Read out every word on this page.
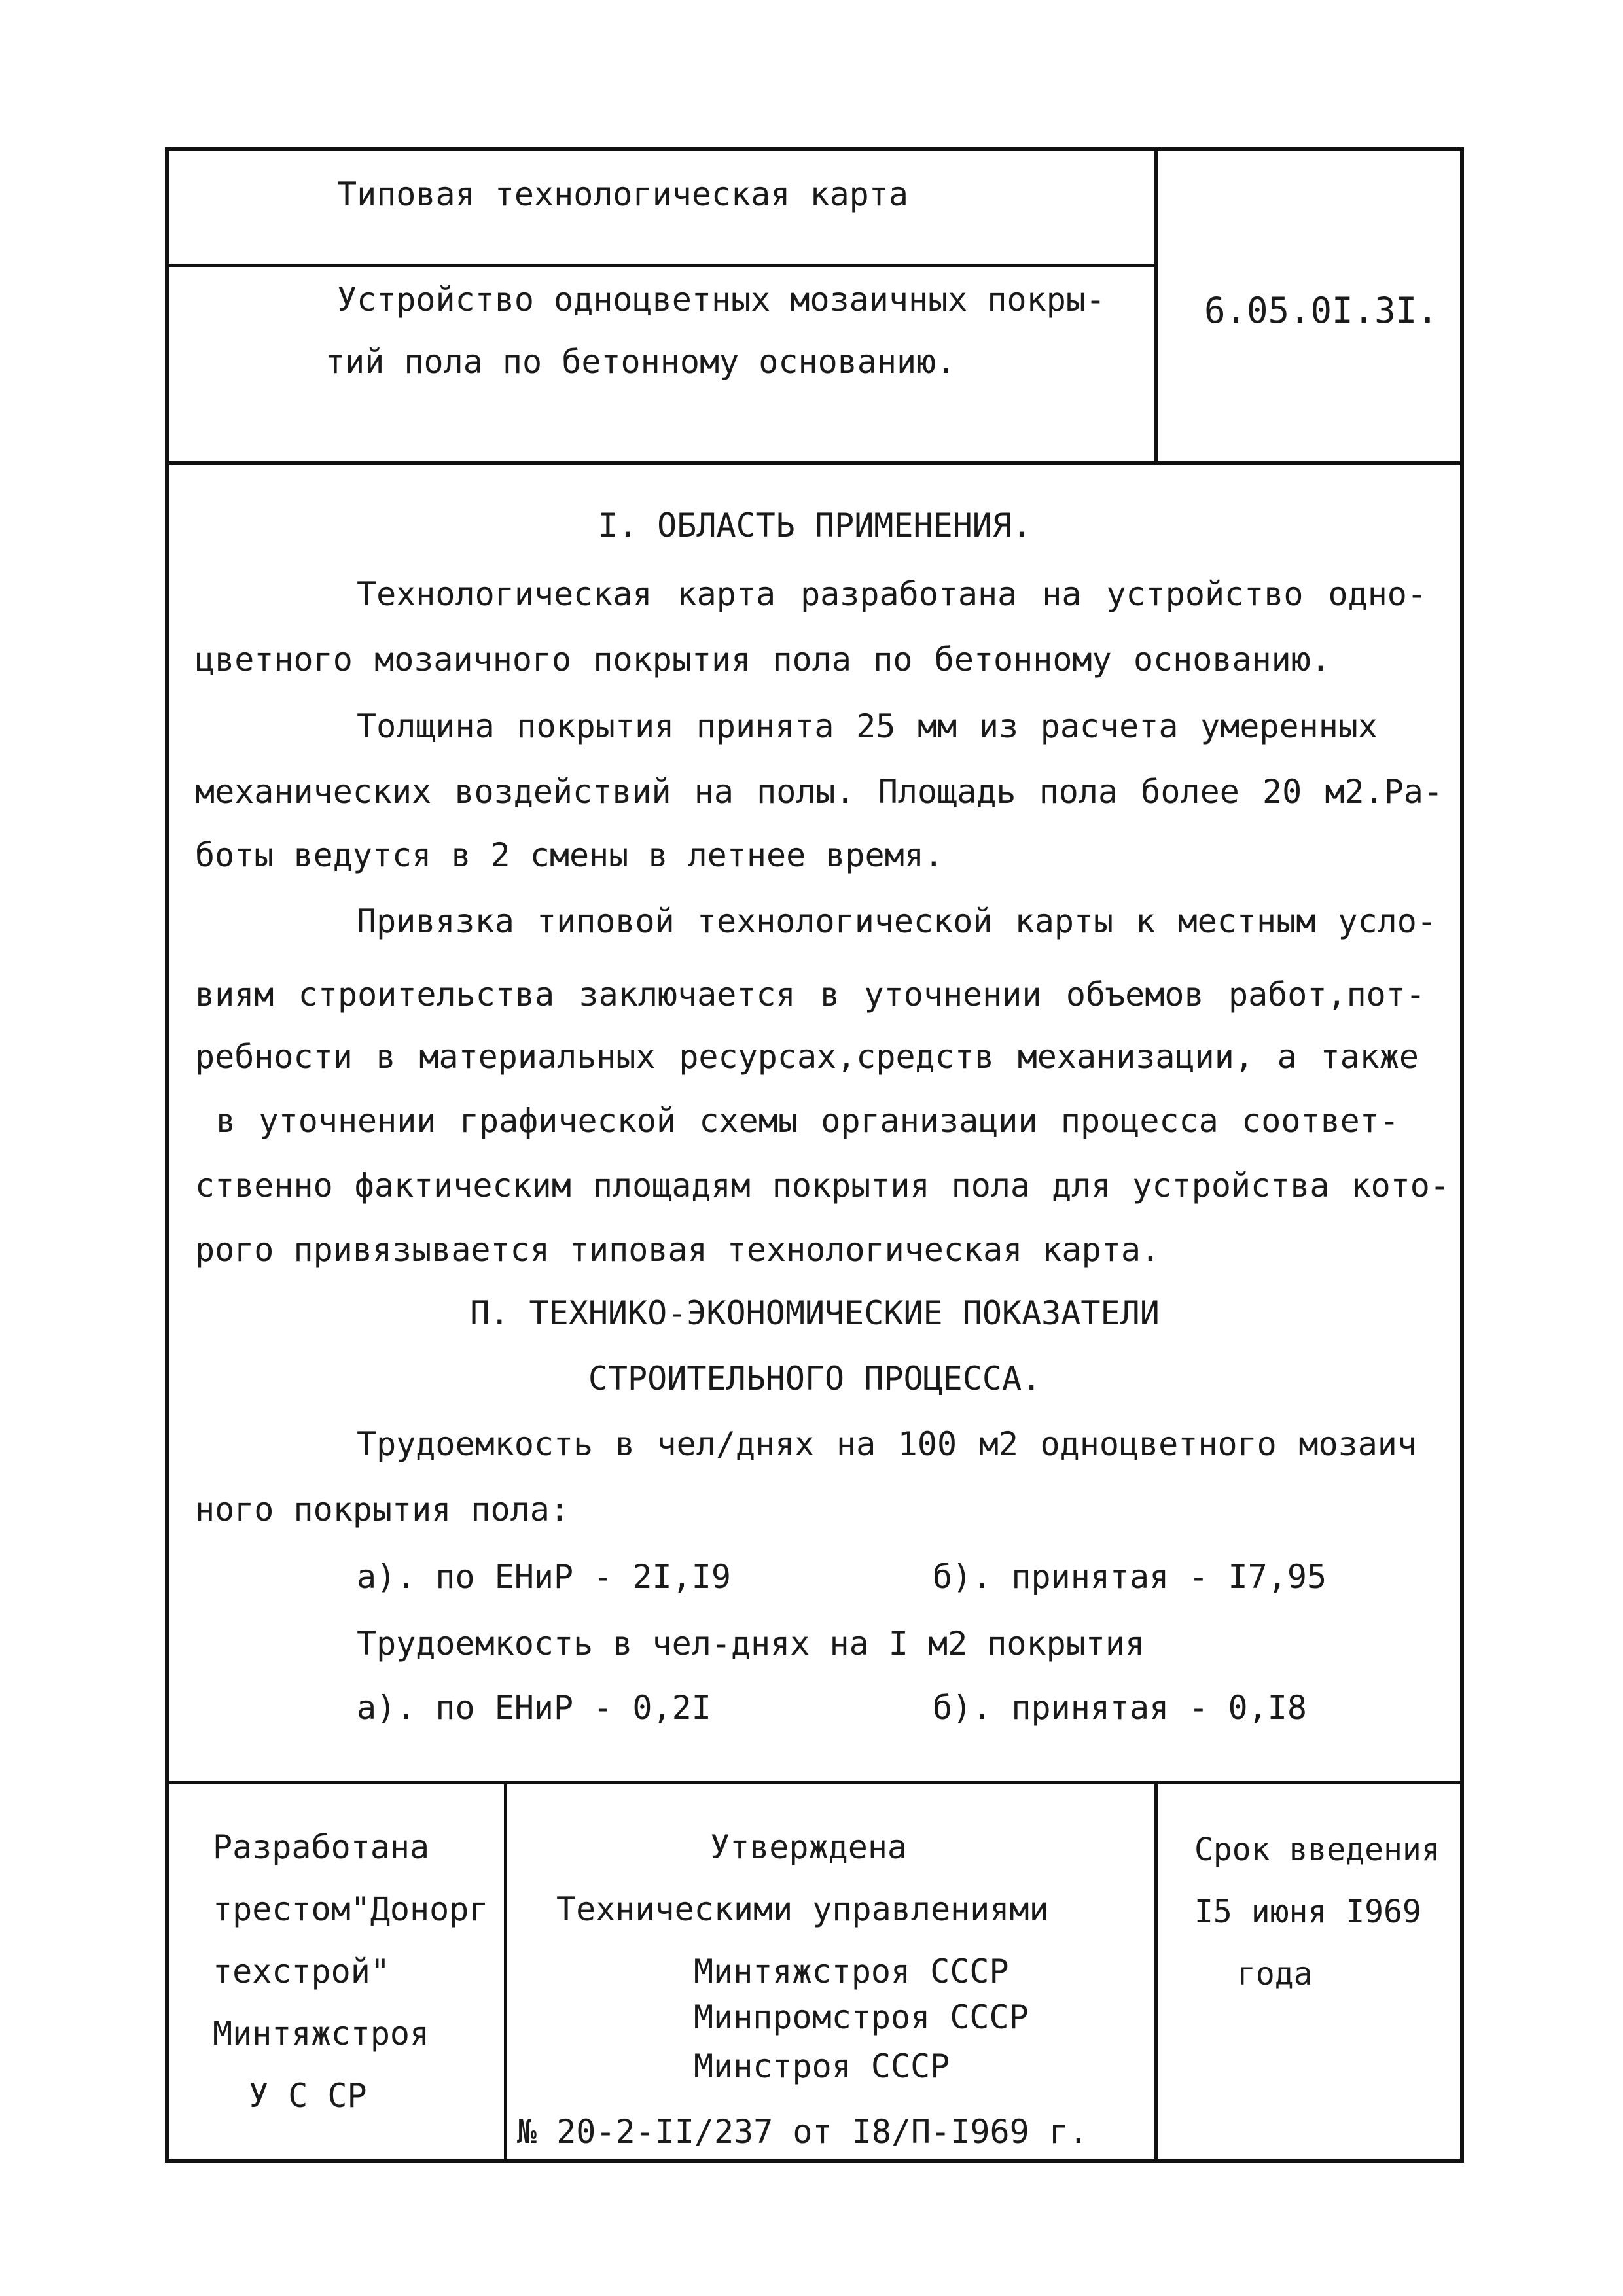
Типовая технологическая карта
Устройство одноцветных мозаичных покры-
тий пола по бетонному основанию.
6.05.0I.3I.
I. ОБЛАСТЬ ПРИМЕНЕНИЯ.
Технологическая карта разработана на устройство одно-
цветного мозаичного покрытия пола по бетонному основанию.
Толщина покрытия принята 25 мм из расчета умеренных
механических воздействий на полы. Площадь пола более 20 м2.Ра-
боты ведутся в 2 смены в летнее время.
Привязка типовой технологической карты к местным усло-
виям строительства заключается в уточнении объемов работ,пот-
ребности в материальных ресурсах,средств механизации, а также
в уточнении графической схемы организации процесса соответ-
ственно фактическим площадям покрытия пола для устройства кото-
рого привязывается типовая технологическая карта.
П. ТЕХНИКО-ЭКОНОМИЧЕСКИЕ ПОКАЗАТЕЛИ
СТРОИТЕЛЬНОГО ПРОЦЕССА.
Трудоемкость в чел/днях на 100 м2 одноцветного мозаич
ного покрытия пола:
а). по ЕНиР - 2I,I9	б). принятая - I7,95
Трудоемкость в чел-днях на I м2 покрытия
а). по ЕНиР - 0,2I	б). принятая - 0,I8
Разработана
трестом"Донорг
техстрой"
Минтяжстроя
У С СР
Утверждена
Техническими управлениями
Минтяжстроя СССР
Минпромстроя СССР
Минстроя СССР
№ 20-2-II/237 от I8/П-I969 г.
Срок введения
I5 июня I969
года
